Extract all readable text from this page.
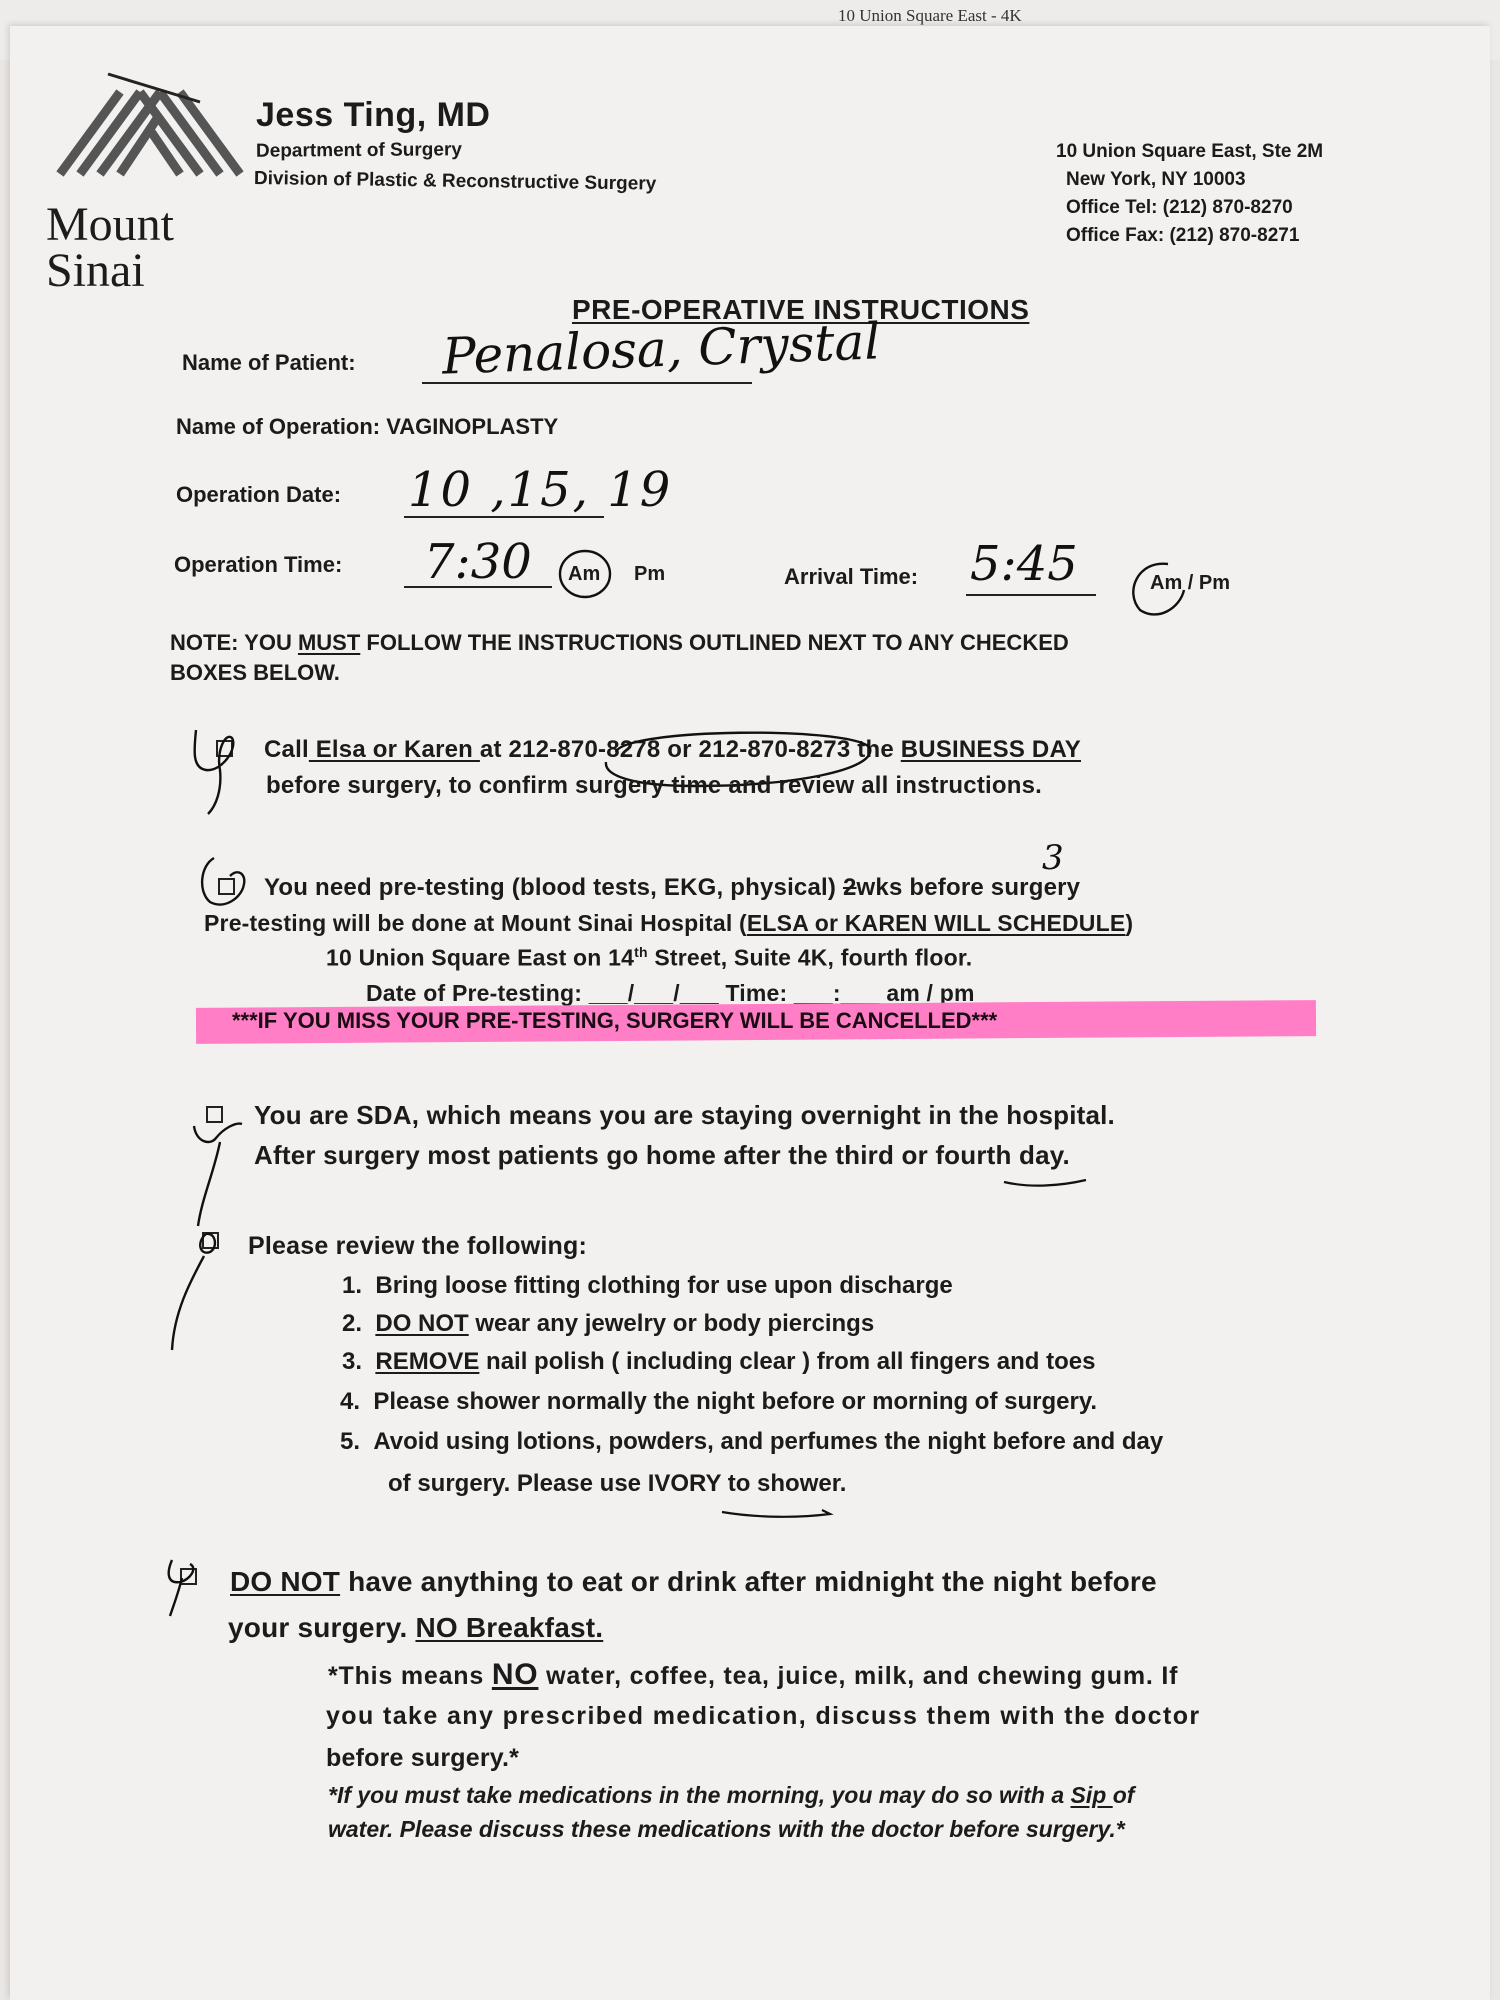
10 Union Square East - 4K
Mount
Sinai
Jess Ting, MD
Department of Surgery
Division of Plastic & Reconstructive Surgery
10 Union Square East, Ste 2M
New York, NY 10003
Office Tel: (212) 870-8270
Office Fax: (212) 870-8271
PRE-OPERATIVE INSTRUCTIONS
Name of Patient: Penalosa, Crystal
Name of Operation: VAGINOPLASTY
Operation Date: 10 ,15, 19
Operation Time: 7:30 Am Pm	Arrival Time: 5:45	Am / Pm
NOTE: YOU MUST FOLLOW THE INSTRUCTIONS OUTLINED NEXT TO ANY CHECKED
BOXES BELOW.
Call Elsa or Karen at 212-870-8278 or 212-870-8273 the BUSINESS DAY
before surgery, to confirm surgery time and review all instructions.
You need pre-testing (blood tests, EKG, physical) 2wks before surgery
3
Pre-testing will be done at Mount Sinai Hospital (ELSA or KAREN WILL SCHEDULE)
10 Union Square East on 14th Street, Suite 4K, fourth floor.
Date of Pre-testing: ___/___/___ Time: ___:___ am / pm
***IF YOU MISS YOUR PRE-TESTING, SURGERY WILL BE CANCELLED***
You are SDA, which means you are staying overnight in the hospital.
After surgery most patients go home after the third or fourth day.
Please review the following:
1. Bring loose fitting clothing for use upon discharge
2. DO NOT wear any jewelry or body piercings
3. REMOVE nail polish ( including clear ) from all fingers and toes
4. Please shower normally the night before or morning of surgery.
5. Avoid using lotions, powders, and perfumes the night before and day
of surgery. Please use IVORY to shower.
DO NOT have anything to eat or drink after midnight the night before
your surgery. NO Breakfast.
*This means NO water, coffee, tea, juice, milk, and chewing gum. If
you take any prescribed medication, discuss them with the doctor
before surgery.*
*If you must take medications in the morning, you may do so with a Sip of
water. Please discuss these medications with the doctor before surgery.*
